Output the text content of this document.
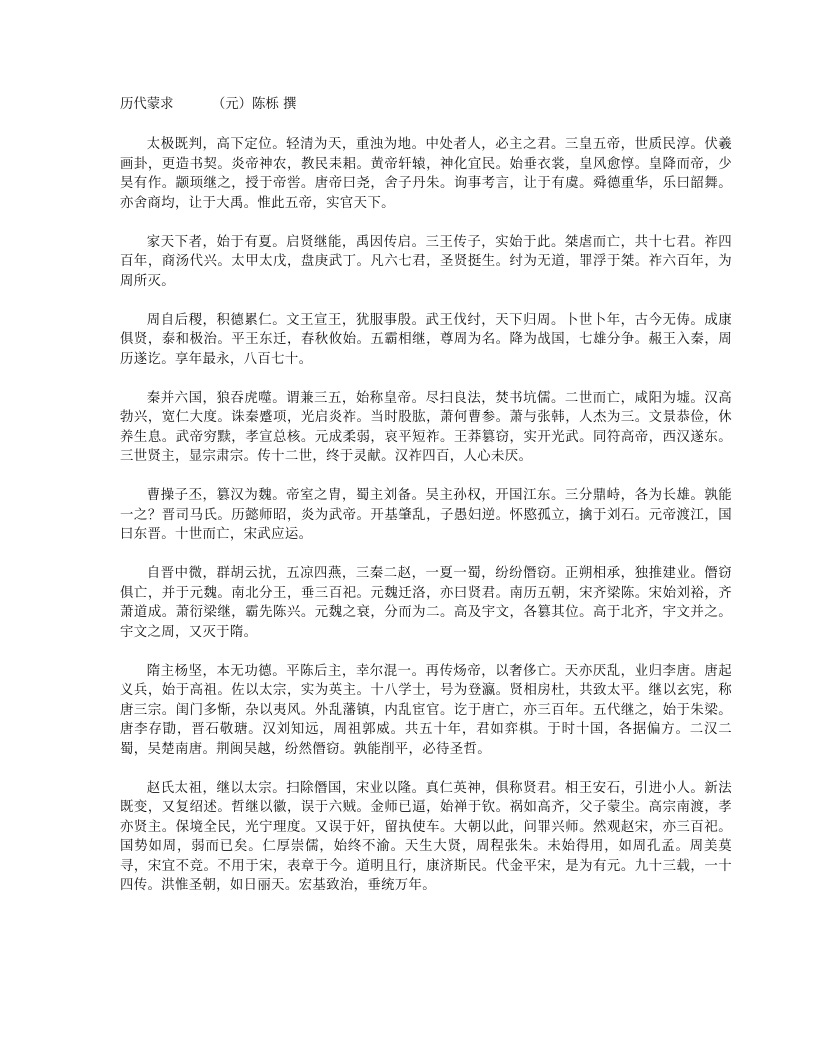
历代蒙求	（元）陈栎 撰

太极既判，高下定位。轻清为天，重浊为地。中处者人，必主之君。三皇五帝，世质民淳。伏羲画卦，更造书契。炎帝神农，教民耒耜。黄帝轩辕，神化宜民。始垂衣裳，皇风愈惇。皇降而帝，少昊有作。颛顼继之，授于帝喾。唐帝曰尧，舍子丹朱。询事考言，让于有虞。舜德重华，乐曰韶舞。亦舍商均，让于大禹。惟此五帝，实官天下。

家天下者，始于有夏。启贤继能，禹因传启。三王传子，实始于此。桀虐而亡，共十七君。祚四百年，商汤代兴。太甲太戊，盘庚武丁。凡六七君，圣贤挺生。纣为无道，罪浮于桀。祚六百年，为周所灭。

周自后稷，积德累仁。文王宣王，犹服事殷。武王伐纣，天下归周。卜世卜年，古今无俦。成康俱贤，泰和极治。平王东迁，春秋攸始。五霸相继，尊周为名。降为战国，七雄分争。赧王入秦，周历遂讫。享年最永，八百七十。

秦并六国，狼吞虎噬。谓兼三五，始称皇帝。尽扫良法，焚书坑儒。二世而亡，咸阳为墟。汉高勃兴，宽仁大度。诛秦蹙项，光启炎祚。当时股肱，萧何曹参。萧与张韩，人杰为三。文景恭俭，休养生息。武帝穷黩，孝宣总核。元成柔弱，哀平短祚。王莽篡窃，实开光武。同符高帝，西汉遂东。三世贤主，显宗肃宗。传十二世，终于灵献。汉祚四百，人心未厌。

曹操子丕，篡汉为魏。帝室之胄，蜀主刘备。吴主孙权，开国江东。三分鼎峙，各为长雄。孰能一之？晋司马氏。历懿师昭，炎为武帝。开基肇乱，子愚妇逆。怀愍孤立，擒于刘石。元帝渡江，国曰东晋。十世而亡，宋武应运。

自晋中微，群胡云扰，五凉四燕，三秦二赵，一夏一蜀，纷纷僭窃。正朔相承，独推建业。僭窃俱亡，并于元魏。南北分王，垂三百祀。元魏迁洛，亦曰贤君。南历五朝，宋齐梁陈。宋始刘裕，齐萧道成。萧衍梁继，霸先陈兴。元魏之衰，分而为二。高及宇文，各篡其位。高于北齐，宇文并之。宇文之周，又灭于隋。

隋主杨坚，本无功德。平陈后主，幸尔混一。再传炀帝，以奢侈亡。天亦厌乱，业归李唐。唐起义兵，始于高祖。佐以太宗，实为英主。十八学士，号为登瀛。贤相房杜，共致太平。继以玄宪，称唐三宗。闺门多惭，杂以夷风。外乱藩镇，内乱宦官。讫于唐亡，亦三百年。五代继之，始于朱梁。唐李存勖，晋石敬瑭。汉刘知远，周祖郭威。共五十年，君如弈棋。于时十国，各据偏方。二汉二蜀，吴楚南唐。荆闽吴越，纷然僭窃。孰能削平，必待圣哲。

赵氏太祖，继以太宗。扫除僭国，宋业以隆。真仁英神，俱称贤君。相王安石，引进小人。新法既变，又复绍述。哲继以徽，误于六贼。金师已逼，始禅于钦。祸如高齐，父子蒙尘。高宗南渡，孝亦贤主。保境全民，光宁理度。又误于奸，留执使车。大朝以此，问罪兴师。然观赵宋，亦三百祀。国势如周，弱而已矣。仁厚崇儒，始终不渝。天生大贤，周程张朱。未始得用，如周孔孟。周美莫寻，宋宜不竞。不用于宋，表章于今。道明且行，康济斯民。代金平宋，是为有元。九十三载，一十四传。洪惟圣朝，如日丽天。宏基致治，垂统万年。
